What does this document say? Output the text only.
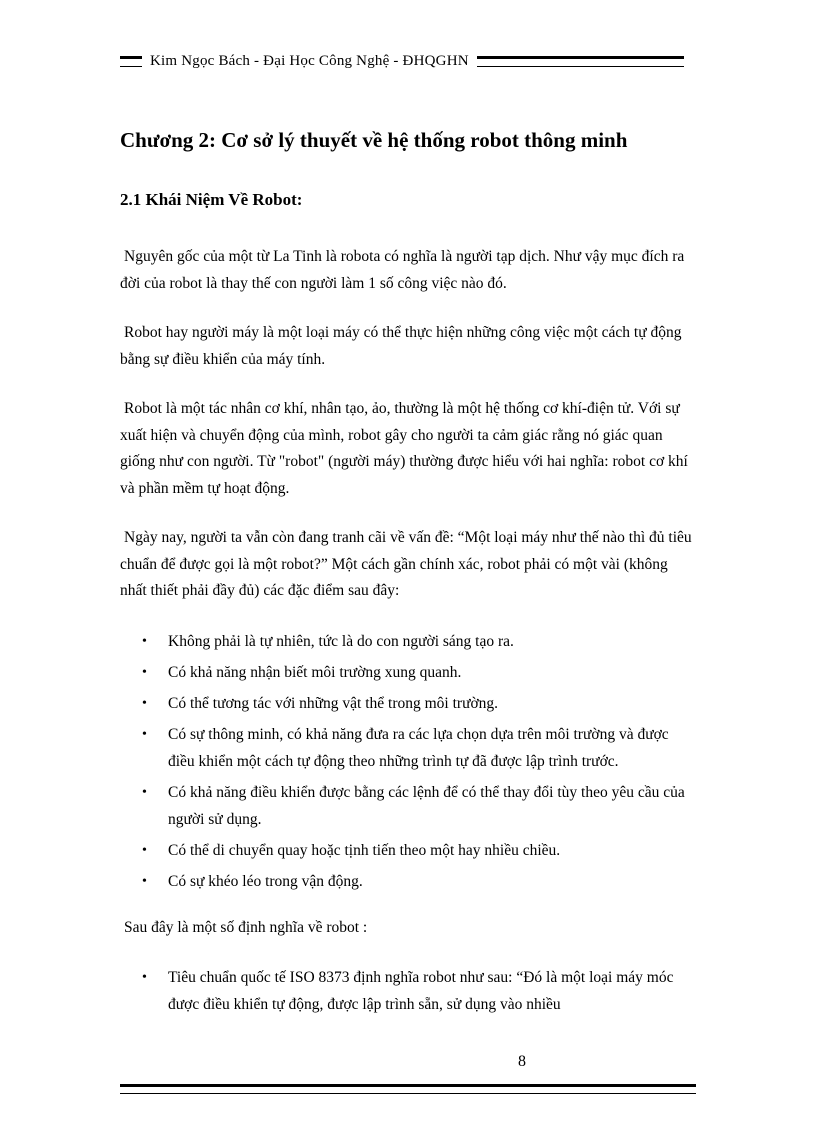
Kim Ngọc Bách - Đại Học Công Nghệ - ĐHQGHN
Chương 2: Cơ sở lý thuyết về hệ thống robot thông minh
2.1 Khái Niệm Về Robot:

Nguyên gốc của một từ La Tinh là robota có nghĩa là người tạp dịch. Như vậy mục đích ra đời của robot là thay thế con người làm 1 số công việc nào đó.

Robot hay người máy là một loại máy có thể thực hiện những công việc một cách tự động bằng sự điều khiển của máy tính.

Robot là một tác nhân cơ khí, nhân tạo, ảo, thường là một hệ thống cơ khí-điện tử. Với sự xuất hiện và chuyển động của mình, robot gây cho người ta cảm giác rằng nó giác quan giống như con người. Từ "robot" (người máy) thường được hiểu với hai nghĩa: robot cơ khí và phần mềm tự hoạt động.

Ngày nay, người ta vẫn còn đang tranh cãi về vấn đề: “Một loại máy như thế nào thì đủ tiêu chuẩn để được gọi là một robot?” Một cách gần chính xác, robot phải có một vài (không nhất thiết phải đầy đủ) các đặc điểm sau đây:

• Không phải là tự nhiên, tức là do con người sáng tạo ra.
• Có khả năng nhận biết môi trường xung quanh.
• Có thể tương tác với những vật thể trong môi trường.
• Có sự thông minh, có khả năng đưa ra các lựa chọn dựa trên môi trường và được điều khiển một cách tự động theo những trình tự đã được lập trình trước.
• Có khả năng điều khiển được bằng các lệnh để có thể thay đổi tùy theo yêu cầu của người sử dụng.
• Có thể di chuyển quay hoặc tịnh tiến theo một hay nhiều chiều.
• Có sự khéo léo trong vận động.

Sau đây là một số định nghĩa về robot :

• Tiêu chuẩn quốc tế ISO 8373 định nghĩa robot như sau: “Đó là một loại máy móc được điều khiển tự động, được lập trình sẵn, sử dụng vào nhiều
8
